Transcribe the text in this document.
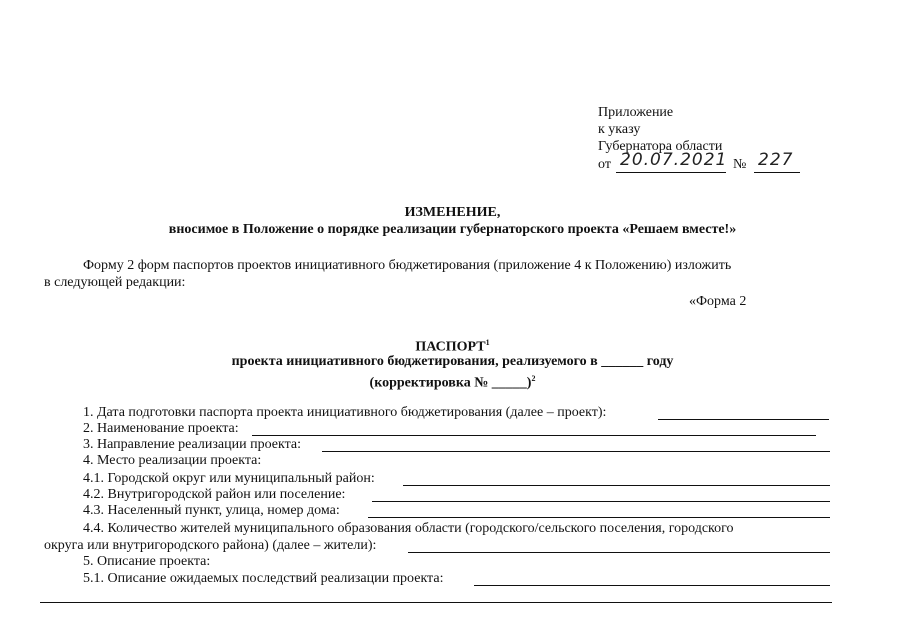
Приложение
к указу
Губернатора области
от 20.07.2021 № 227
ИЗМЕНЕНИЕ,
вносимое в Положение о порядке реализации губернаторского проекта «Решаем вместе!»
Форму 2 форм паспортов проектов инициативного бюджетирования (приложение 4 к Положению) изложить
в следующей редакции:
«Форма 2
ПАСПОРТ$^1$
проекта инициативного бюджетирования, реализуемого в ______ году
(корректировка № _____)$^2$
1. Дата подготовки паспорта проекта инициативного бюджетирования (далее – проект):
2. Наименование проекта:
3. Направление реализации проекта:
4. Место реализации проекта:
4.1. Городской округ или муниципальный район:
4.2. Внутригородской район или поселение:
4.3. Населенный пункт, улица, номер дома:
4.4. Количество жителей муниципального образования области (городского/сельского поселения, городского
округа или внутригородского района) (далее – жители):
5. Описание проекта:
5.1. Описание ожидаемых последствий реализации проекта:
